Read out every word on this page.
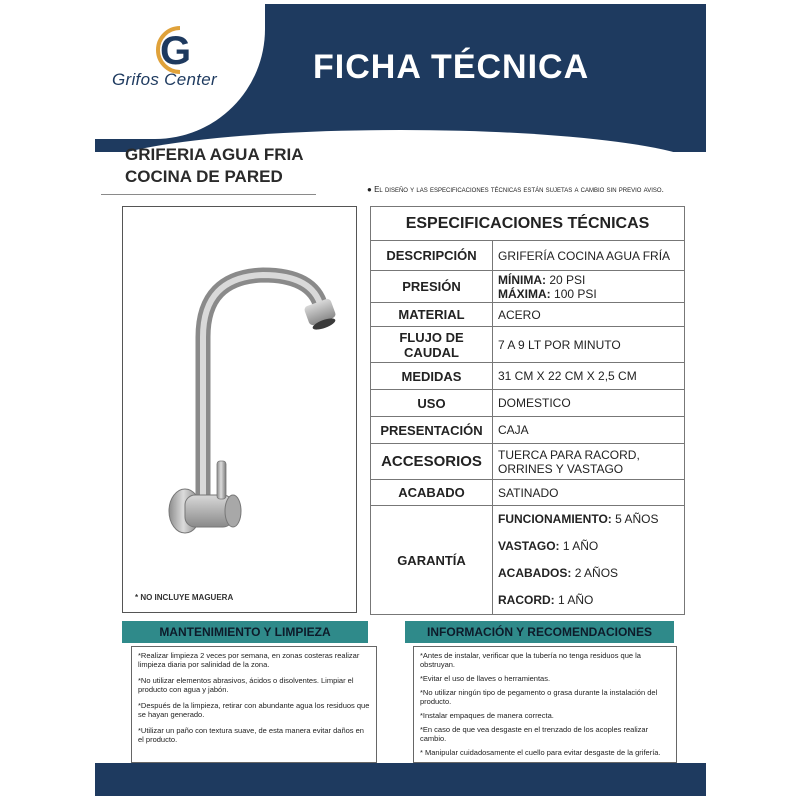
G
Grifos Center	FICHA TÉCNICA
GRIFERIA AGUA FRIA
COCINA DE PARED
● El diseño y las especificaciones técnicas están sujetas a cambio sin previo aviso.
* NO INCLUYE MAGUERA
ESPECIFICACIONES TÉCNICAS	
DESCRIPCIÓN	GRIFERÍA COCINA AGUA FRÍA
PRESIÓN	MÍNIMA: 20 PSI
MÁXIMA: 100 PSI

MATERIAL	ACERO
FLUJO DE CAUDAL	7 A 9 LT POR MINUTO
MEDIDAS	31 CM X 22 CM X 2,5 CM
USO	DOMESTICO
PRESENTACIÓN	CAJA
ACCESORIOS	TUERCA PARA RACORD, ORRINES Y VASTAGO
ACABADO	SATINADO
GARANTÍA	FUNCIONAMIENTO: 5 AÑOS
VASTAGO: 1 AÑO
ACABADOS: 2 AÑOS
RACORD: 1 AÑO
MANTENIMIENTO Y LIMPIEZA

*Realizar limpieza 2 veces por semana, en zonas costeras realizar limpieza diaria por salinidad de la zona.

*No utilizar elementos abrasivos, ácidos o disolventes. Limpiar el producto con agua y jabón.

*Después de la limpieza, retirar con abundante agua los residuos que se hayan generado.

*Utilizar un paño con textura suave, de esta manera evitar daños en el producto.

INFORMACIÓN Y RECOMENDACIONES

*Antes de instalar, verificar que la tubería no tenga residuos que la obstruyan.

*Evitar el uso de llaves o herramientas.

*No utilizar ningún tipo de pegamento o grasa durante la instalación del producto.

*Instalar empaques de manera correcta.

*En caso de que vea desgaste en el trenzado de los acoples realizar cambio.

* Manipular cuidadosamente el cuello para evitar desgaste de la grifería.
